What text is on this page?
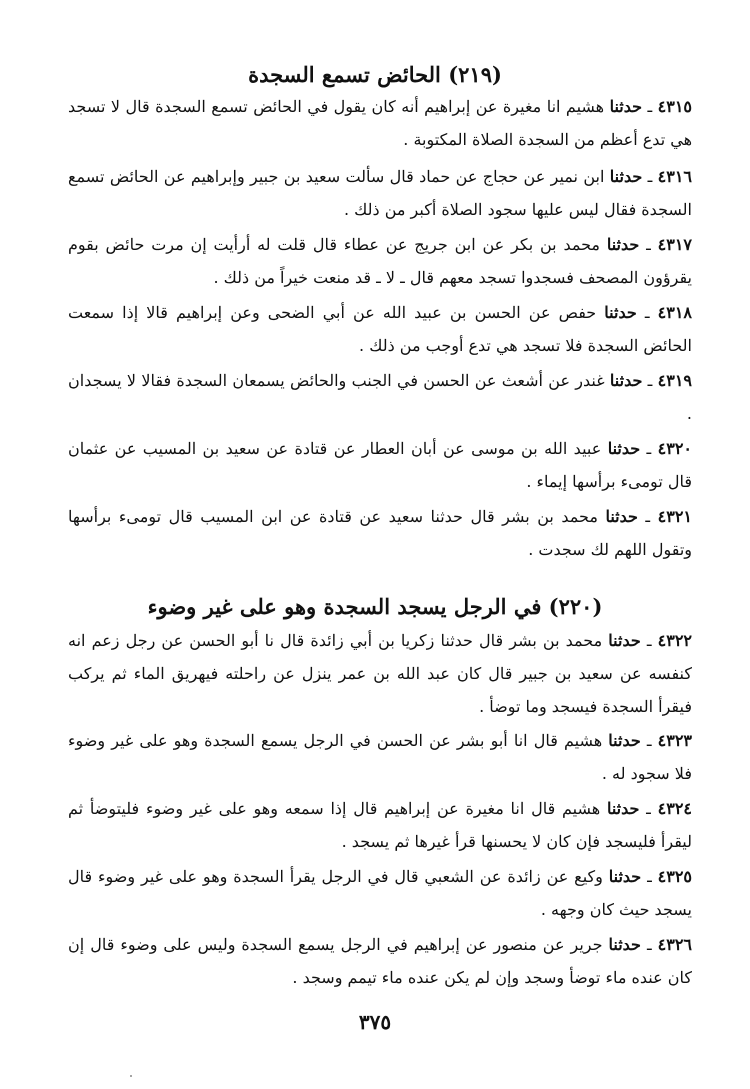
(٢١٩) الحائض تسمع السجدة

٤٣١٥ ـ حدثنا هشيم انا مغيرة عن إبراهيم أنه كان يقول في الحائض تسمع السجدة قال لا تسجد هي تدع أعظم من السجدة الصلاة المكتوبة .

٤٣١٦ ـ حدثنا ابن نمير عن حجاج عن حماد قال سألت سعيد بن جبير وإبراهيم عن الحائض تسمع السجدة فقال ليس عليها سجود الصلاة أكبر من ذلك .

٤٣١٧ ـ حدثنا محمد بن بكر عن ابن جريج عن عطاء قال قلت له أرأيت إن مرت حائض بقوم يقرؤون المصحف فسجدوا تسجد معهم قال ـ لا ـ قد منعت خيراً من ذلك .

٤٣١٨ ـ حدثنا حفص عن الحسن بن عبيد الله عن أبي الضحى وعن إبراهيم قالا إذا سمعت الحائض السجدة فلا تسجد هي تدع أوجب من ذلك .

٤٣١٩ ـ حدثنا غندر عن أشعث عن الحسن في الجنب والحائض يسمعان السجدة فقالا لا يسجدان .

٤٣٢٠ ـ حدثنا عبيد الله بن موسى عن أبان العطار عن قتادة عن سعيد بن المسيب عن عثمان قال تومىء برأسها إيماء .

٤٣٢١ ـ حدثنا محمد بن بشر قال حدثنا سعيد عن قتادة عن ابن المسيب قال تومىء برأسها وتقول اللهم لك سجدت .

(٢٢٠) في الرجل يسجد السجدة وهو على غير وضوء

٤٣٢٢ ـ حدثنا محمد بن بشر قال حدثنا زكريا بن أبي زائدة قال نا أبو الحسن عن رجل زعم انه كنفسه عن سعيد بن جبير قال كان عبد الله بن عمر ينزل عن راحلته فيهريق الماء ثم يركب فيقرأ السجدة فيسجد وما توضأ .

٤٣٢٣ ـ حدثنا هشيم قال انا أبو بشر عن الحسن في الرجل يسمع السجدة وهو على غير وضوء فلا سجود له .

٤٣٢٤ ـ حدثنا هشيم قال انا مغيرة عن إبراهيم قال إذا سمعه وهو على غير وضوء فليتوضأ ثم ليقرأ فليسجد فإن كان لا يحسنها قرأ غيرها ثم يسجد .

٤٣٢٥ ـ حدثنا وكيع عن زائدة عن الشعبي قال في الرجل يقرأ السجدة وهو على غير وضوء قال يسجد حيث كان وجهه .

٤٣٢٦ ـ حدثنا جرير عن منصور عن إبراهيم في الرجل يسمع السجدة وليس على وضوء قال إن كان عنده ماء توضأ وسجد وإن لم يكن عنده ماء تيمم وسجد .

٣٧٥
